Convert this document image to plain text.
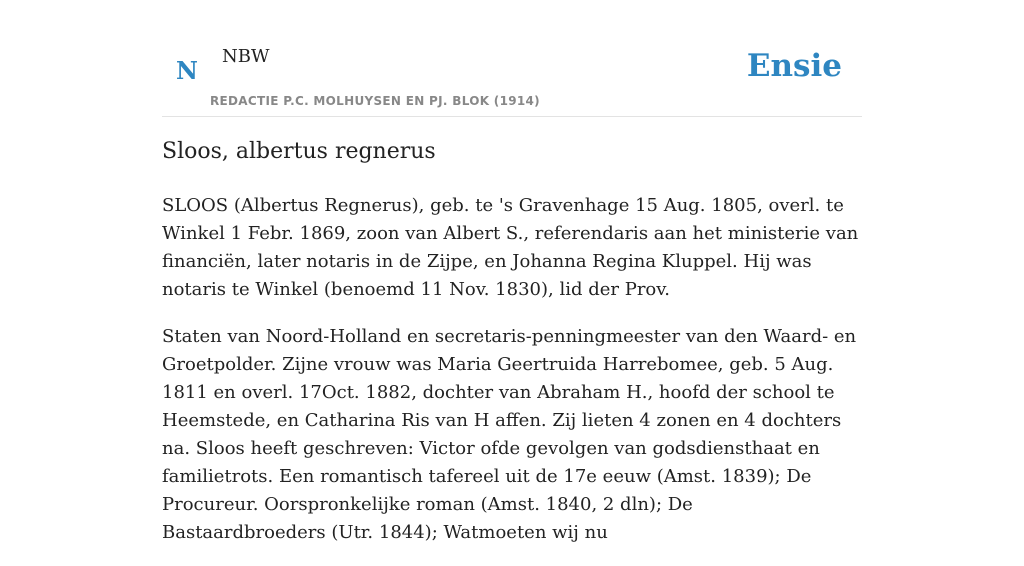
N NBW
REDACTIE P.C. MOLHUYSEN EN PJ. BLOK (1914)
Ensie
Sloos, albertus regnerus

SLOOS (Albertus Regnerus), geb. te 's Gravenhage 15 Aug. 1805, overl. te Winkel 1 Febr. 1869, zoon van Albert S., referendaris aan het ministerie van financiën, later notaris in de Zijpe, en Johanna Regina Kluppel. Hij was notaris te Winkel (benoemd 11 Nov. 1830), lid der Prov.

Staten van Noord-Holland en secretaris-penningmeester van den Waard- en Groetpolder. Zijne vrouw was Maria Geertruida Harrebomee, geb. 5 Aug. 1811 en overl. 17Oct. 1882, dochter van Abraham H., hoofd der school te Heemstede, en Catharina Ris van H affen. Zij lieten 4 zonen en 4 dochters na. Sloos heeft geschreven: Victor ofde gevolgen van godsdiensthaat en familietrots. Een romantisch tafereel uit de 17e eeuw (Amst. 1839); De Procureur. Oorspronkelijke roman (Amst. 1840, 2 dln); De Bastaardbroeders (Utr. 1844); Watmoeten wij nu
